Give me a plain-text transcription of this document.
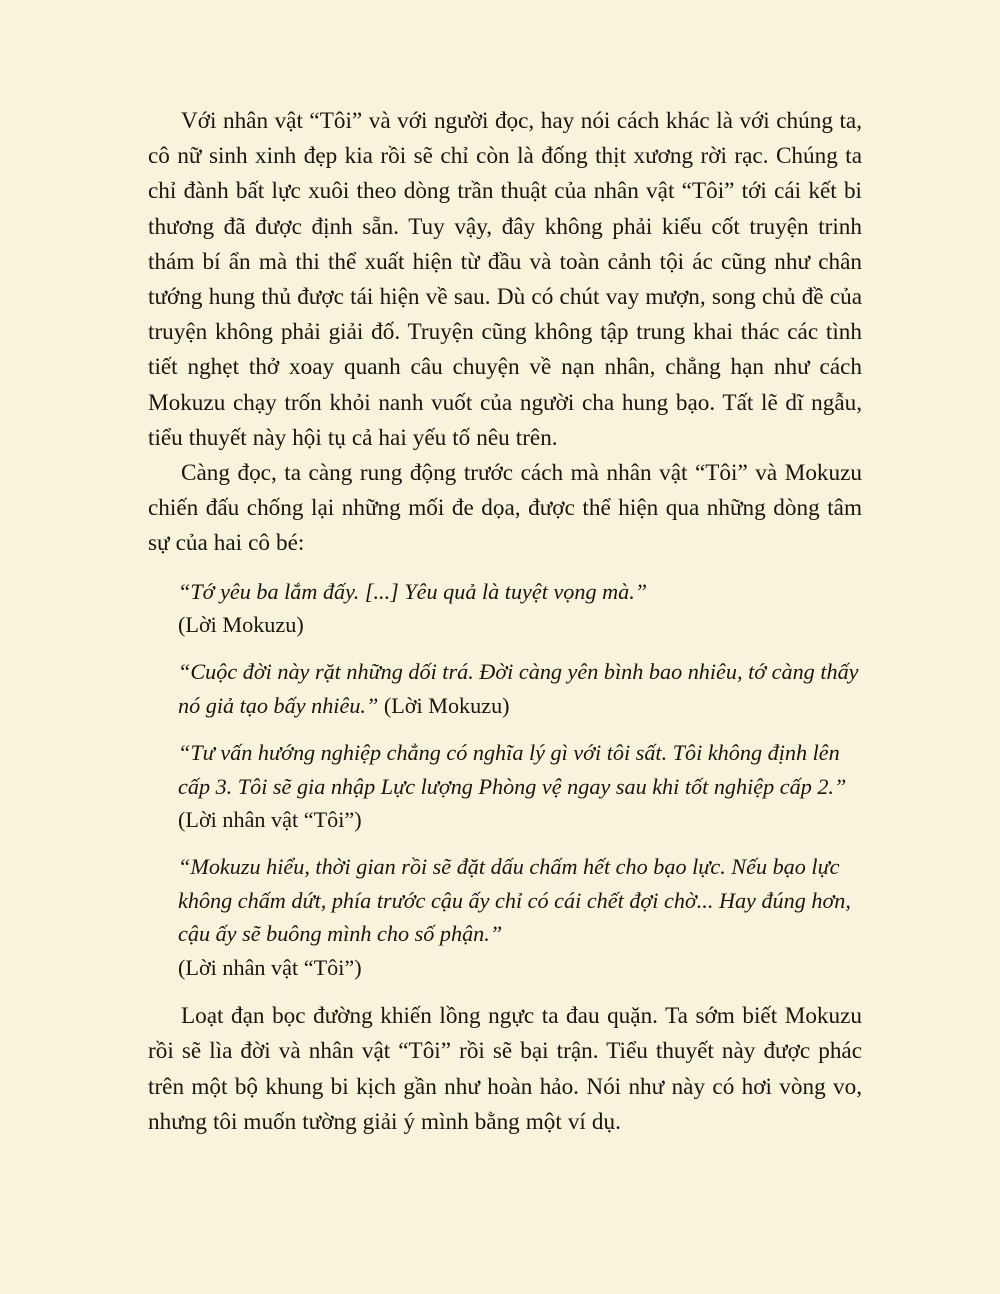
Với nhân vật “Tôi” và với người đọc, hay nói cách khác là với chúng ta, cô nữ sinh xinh đẹp kia rồi sẽ chỉ còn là đống thịt xương rời rạc. Chúng ta chỉ đành bất lực xuôi theo dòng trần thuật của nhân vật “Tôi” tới cái kết bi thương đã được định sẵn. Tuy vậy, đây không phải kiểu cốt truyện trinh thám bí ẩn mà thi thể xuất hiện từ đầu và toàn cảnh tội ác cũng như chân tướng hung thủ được tái hiện về sau. Dù có chút vay mượn, song chủ đề của truyện không phải giải đố. Truyện cũng không tập trung khai thác các tình tiết nghẹt thở xoay quanh câu chuyện về nạn nhân, chẳng hạn như cách Mokuzu chạy trốn khỏi nanh vuốt của người cha hung bạo. Tất lẽ dĩ ngẫu, tiểu thuyết này hội tụ cả hai yếu tố nêu trên.

Càng đọc, ta càng rung động trước cách mà nhân vật “Tôi” và Mokuzu chiến đấu chống lại những mối đe dọa, được thể hiện qua những dòng tâm sự của hai cô bé:

“Tớ yêu ba lắm đấy. [...] Yêu quả là tuyệt vọng mà.”
(Lời Mokuzu)
“Cuộc đời này rặt những dối trá. Đời càng yên bình bao nhiêu, tớ càng thấy nó giả tạo bấy nhiêu.” (Lời Mokuzu)
“Tư vấn hướng nghiệp chẳng có nghĩa lý gì với tôi sất. Tôi không định lên cấp 3. Tôi sẽ gia nhập Lực lượng Phòng vệ ngay sau khi tốt nghiệp cấp 2.” (Lời nhân vật “Tôi”)
“Mokuzu hiểu, thời gian rồi sẽ đặt dấu chấm hết cho bạo lực. Nếu bạo lực không chấm dứt, phía trước cậu ấy chỉ có cái chết đợi chờ... Hay đúng hơn, cậu ấy sẽ buông mình cho số phận.”
(Lời nhân vật “Tôi”)

Loạt đạn bọc đường khiến lồng ngực ta đau quặn. Ta sớm biết Mokuzu rồi sẽ lìa đời và nhân vật “Tôi” rồi sẽ bại trận. Tiểu thuyết này được phác trên một bộ khung bi kịch gần như hoàn hảo. Nói như này có hơi vòng vo, nhưng tôi muốn tường giải ý mình bằng một ví dụ.
